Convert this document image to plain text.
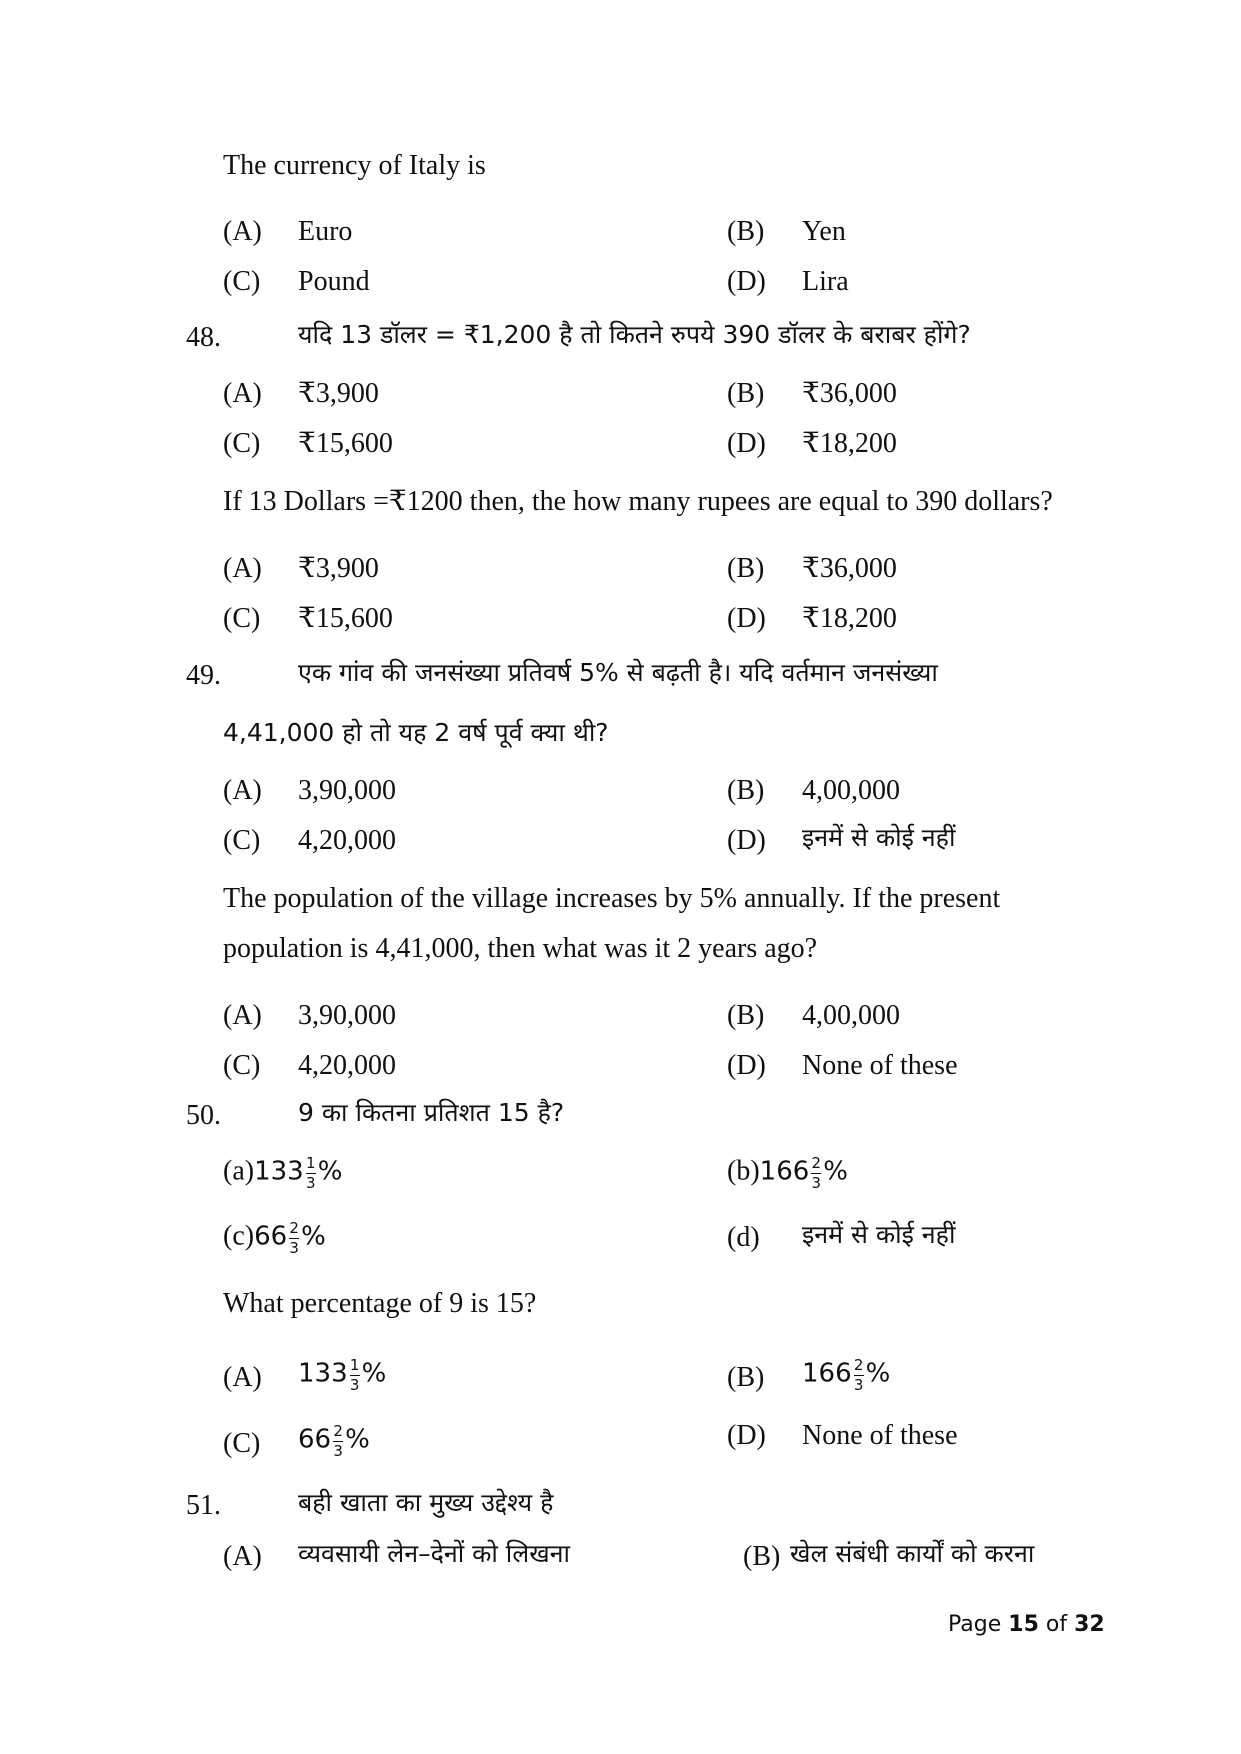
The currency of Italy is
(A) Euro	(B) Yen
(C) Pound	(D) Lira
48.	यदि 13 डॉलर = ₹1,200 है तो कितने रुपये 390 डॉलर के बराबर होंगे?
(A) ₹3,900	(B) ₹36,000
(C) ₹15,600	(D) ₹18,200
If 13 Dollars =₹1200 then, the how many rupees are equal to 390 dollars?
(A) ₹3,900	(B) ₹36,000
(C) ₹15,600	(D) ₹18,200
49.	एक गांव की जनसंख्या प्रतिवर्ष 5% से बढ़ती है। यदि वर्तमान जनसंख्या
4,41,000 हो तो यह 2 वर्ष पूर्व क्या थी?
(A) 3,90,000	(B) 4,00,000
(C) 4,20,000	(D) इनमें से कोई नहीं
The population of the village increases by 5% annually. If the present
population is 4,41,000, then what was it 2 years ago?
(A) 3,90,000	(B) 4,00,000
(C) 4,20,000	(D) None of these
50.	9 का कितना प्रतिशत 15 है?
$(a)133 \frac{1}{3}$ %	$(b)166 \frac{2}{3}$ %
$(c)66 \frac{2}{3}$ %	(d) इनमें से कोई नहीं
What percentage of 9 is 15?
(A) $133 \frac{1}{3}$ %	(B) $166 \frac{2}{3}$ %
(C) $66 \frac{2}{3}$ %	(D) None of these
51.	बही खाता का मुख्य उद्देश्य है
(A) व्यवसायी लेन–देनों को लिखना	(B) खेल संबंधी कार्यों को करना
Page 15 of 32
